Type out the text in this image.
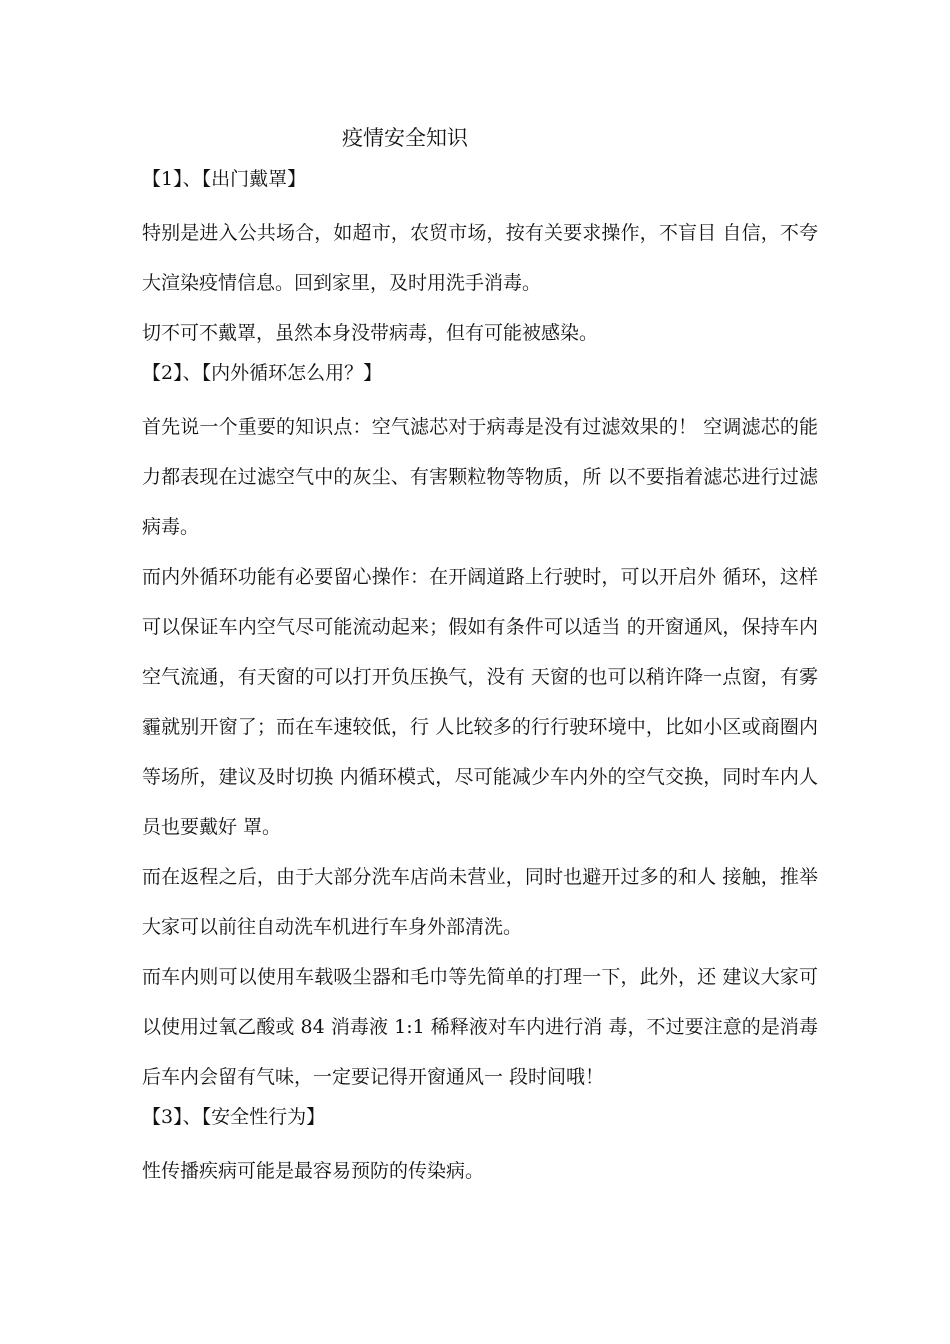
疫情安全知识
【1】、【出门戴罩】

特别是进入公共场合，如超市，农贸市场，按有关要求操作，不盲目 自信，不夸大渲染疫情信息。回到家里，及时用洗手消毒。

切不可不戴罩，虽然本身没带病毒，但有可能被感染。

【2】、【内外循环怎么用？】

首先说一个重要的知识点：空气滤芯对于病毒是没有过滤效果的！ 空调滤芯的能力都表现在过滤空气中的灰尘、有害颗粒物等物质，所 以不要指着滤芯进行过滤病毒。

而内外循环功能有必要留心操作：在开阔道路上行驶时，可以开启外 循环，这样可以保证车内空气尽可能流动起来；假如有条件可以适当 的开窗通风，保持车内空气流通，有天窗的可以打开负压换气，没有 天窗的也可以稍许降一点窗，有雾霾就别开窗了；而在车速较低，行 人比较多的行行驶环境中，比如小区或商圈内等场所，建议及时切换 内循环模式，尽可能减少车内外的空气交换，同时车内人员也要戴好 罩。

而在返程之后，由于大部分洗车店尚未营业，同时也避开过多的和人 接触，推举大家可以前往自动洗车机进行车身外部清洗。

而车内则可以使用车载吸尘器和毛巾等先简单的打理一下，此外，还 建议大家可以使用过氧乙酸或 84 消毒液 1:1 稀释液对车内进行消 毒，不过要注意的是消毒后车内会留有气味，一定要记得开窗通风一 段时间哦！

【3】、【安全性行为】

性传播疾病可能是最容易预防的传染病。
